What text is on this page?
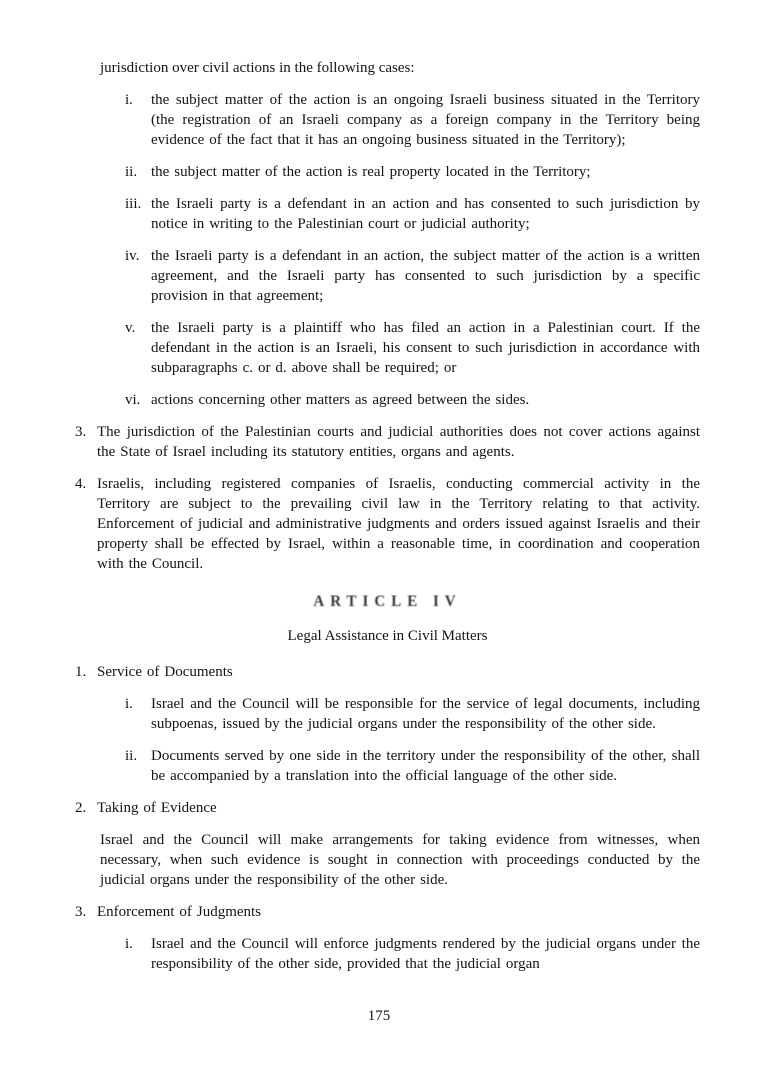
jurisdiction over civil actions in the following cases:

i.	the subject matter of the action is an ongoing Israeli business situated in the Territory (the registration of an Israeli company as a foreign company in the Territory being evidence of the fact that it has an ongoing business situated in the Territory);
ii. the subject matter of the action is real property located in the Territory;
iii. the Israeli party is a defendant in an action and has consented to such jurisdiction by notice in writing to the Palestinian court or judicial authority;
iv. the Israeli party is a defendant in an action, the subject matter of the action is a written agreement, and the Israeli party has consented to such jurisdiction by a specific provision in that agreement;
v.	the Israeli party is a plaintiff who has filed an action in a Palestinian court. If the defendant in the action is an Israeli, his consent to such jurisdiction in accordance with subparagraphs c. or d. above shall be required; or
vi. actions concerning other matters as agreed between the sides.
3. The jurisdiction of the Palestinian courts and judicial authorities does not cover actions against the State of Israel including its statutory entities, organs and agents.
4. Israelis, including registered companies of Israelis, conducting commercial activity in the Territory are subject to the prevailing civil law in the Territory relating to that activity. Enforcement of judicial and administrative judgments and orders issued against Israelis and their property shall be effected by Israel, within a reasonable time, in coordination and cooperation with the Council.
ARTICLE IV
Legal Assistance in Civil Matters
1. Service of Documents
i.	Israel and the Council will be responsible for the service of legal documents, including subpoenas, issued by the judicial organs under the responsibility of the other side.
ii. Documents served by one side in the territory under the responsibility of the other, shall be accompanied by a translation into the official language of the other side.
2. Taking of Evidence

Israel and the Council will make arrangements for taking evidence from witnesses, when necessary, when such evidence is sought in connection with proceedings conducted by the judicial organs under the responsibility of the other side.

3. Enforcement of Judgments
i.	Israel and the Council will enforce judgments rendered by the judicial organs under the responsibility of the other side, provided that the judicial organ
175
